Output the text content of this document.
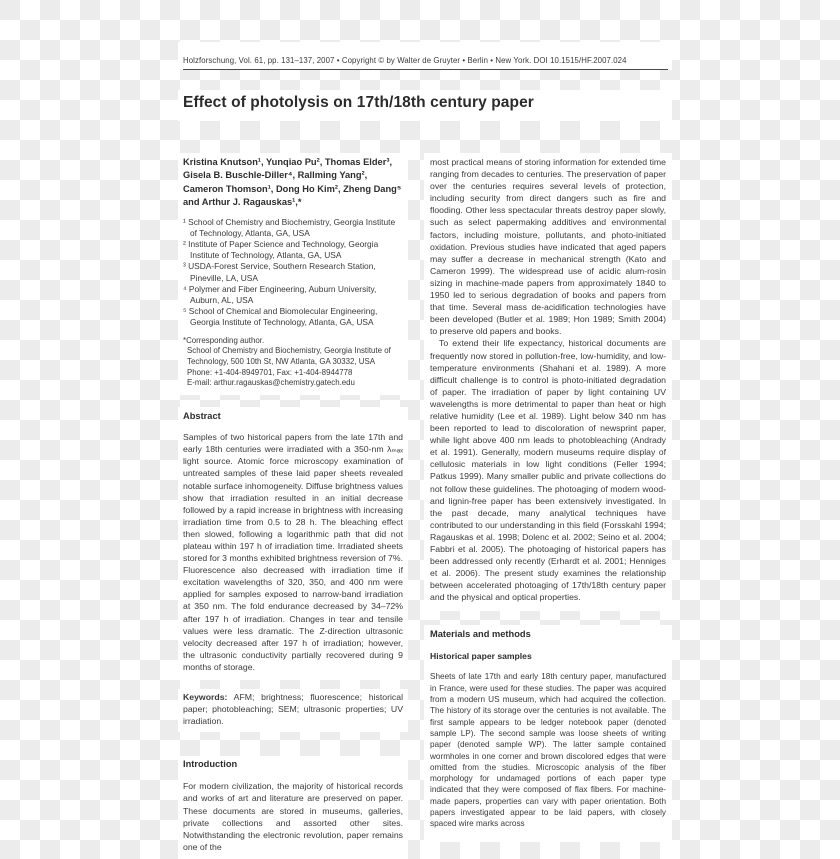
Holzforschung, Vol. 61, pp. 131–137, 2007 • Copyright © by Walter de Gruyter • Berlin • New York. DOI 10.1515/HF.2007.024
Effect of photolysis on 17th/18th century paper

Kristina Knutson¹, Yunqiao Pu², Thomas Elder³, Gisela B. Buschle-Diller⁴, Rallming Yang², Cameron Thomson¹, Dong Ho Kim², Zheng Dang⁵ and Arthur J. Ragauskas¹,*

¹ School of Chemistry and Biochemistry, Georgia Institute of Technology, Atlanta, GA, USA
² Institute of Paper Science and Technology, Georgia Institute of Technology, Atlanta, GA, USA
³ USDA-Forest Service, Southern Research Station, Pineville, LA, USA
⁴ Polymer and Fiber Engineering, Auburn University, Auburn, AL, USA
⁵ School of Chemical and Biomolecular Engineering, Georgia Institute of Technology, Atlanta, GA, USA
*Corresponding author.
School of Chemistry and Biochemistry, Georgia Institute of Technology, 500 10th St, NW Atlanta, GA 30332, USA
Phone: +1-404-8949701, Fax: +1-404-8944778
E-mail: arthur.ragauskas@chemistry.gatech.edu
Abstract

Samples of two historical papers from the late 17th and early 18th centuries were irradiated with a 350-nm λₘₐₓ light source. Atomic force microscopy examination of untreated samples of these laid paper sheets revealed notable surface inhomogeneity. Diffuse brightness values show that irradiation resulted in an initial decrease followed by a rapid increase in brightness with increasing irradiation time from 0.5 to 28 h. The bleaching effect then slowed, following a logarithmic path that did not plateau within 197 h of irradiation time. Irradiated sheets stored for 3 months exhibited brightness reversion of 7%. Fluorescence also decreased with irradiation time if excitation wavelengths of 320, 350, and 400 nm were applied for samples exposed to narrow-band irradiation at 350 nm. The fold endurance decreased by 34–72% after 197 h of irradiation. Changes in tear and tensile values were less dramatic. The Z-direction ultrasonic velocity decreased after 197 h of irradiation; however, the ultrasonic conductivity partially recovered during 9 months of storage.

Keywords: AFM; brightness; fluorescence; historical paper; photobleaching; SEM; ultrasonic properties; UV irradiation.

Introduction

For modern civilization, the majority of historical records and works of art and literature are preserved on paper. These documents are stored in museums, galleries, private collections and assorted other sites. Notwithstanding the electronic revolution, paper remains one of the

most practical means of storing information for extended time ranging from decades to centuries. The preservation of paper over the centuries requires several levels of protection, including security from direct dangers such as fire and flooding. Other less spectacular threats destroy paper slowly, such as select papermaking additives and environmental factors, including moisture, pollutants, and photo-initiated oxidation. Previous studies have indicated that aged papers may suffer a decrease in mechanical strength (Kato and Cameron 1999). The widespread use of acidic alum-rosin sizing in machine-made papers from approximately 1840 to 1950 led to serious degradation of books and papers from that time. Several mass de-acidification technologies have been developed (Butler et al. 1989; Hon 1989; Smith 2004) to preserve old papers and books.

To extend their life expectancy, historical documents are frequently now stored in pollution-free, low-humidity, and low-temperature environments (Shahani et al. 1989). A more difficult challenge is to control is photo-initiated degradation of paper. The irradiation of paper by light containing UV wavelengths is more detrimental to paper than heat or high relative humidity (Lee et al. 1989). Light below 340 nm has been reported to lead to discoloration of newsprint paper, while light above 400 nm leads to photobleaching (Andrady et al. 1991). Generally, modern museums require display of cellulosic materials in low light conditions (Feller 1994; Patkus 1999). Many smaller public and private collections do not follow these guidelines. The photoaging of modern wood- and lignin-free paper has been extensively investigated. In the past decade, many analytical techniques have contributed to our understanding in this field (Forsskahl 1994; Ragauskas et al. 1998; Dolenc et al. 2002; Seino et al. 2004; Fabbri et al. 2005). The photoaging of historical papers has been addressed only recently (Erhardt et al. 2001; Henniges et al. 2006). The present study examines the relationship between accelerated photoaging of 17th/18th century paper and the physical and optical properties.

Materials and methods
Historical paper samples

Sheets of late 17th and early 18th century paper, manufactured in France, were used for these studies. The paper was acquired from a modern US museum, which had acquired the collection. The history of its storage over the centuries is not available. The first sample appears to be ledger notebook paper (denoted sample LP). The second sample was loose sheets of writing paper (denoted sample WP). The latter sample contained wormholes in one corner and brown discolored edges that were omitted from the studies. Microscopic analysis of the fiber morphology for undamaged portions of each paper type indicated that they were composed of flax fibers. For machine-made papers, properties can vary with paper orientation. Both papers investigated appear to be laid papers, with closely spaced wire marks across
